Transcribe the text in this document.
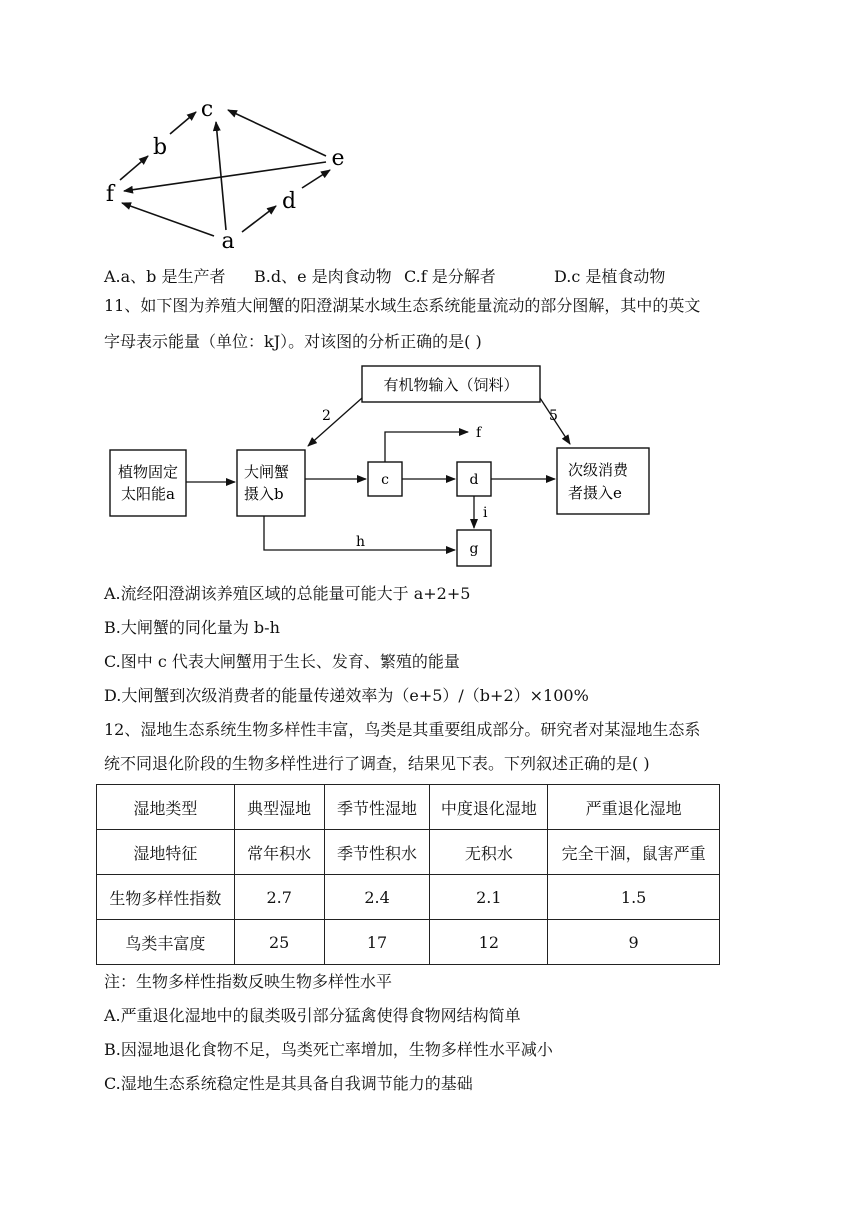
c
b	e
f	d
a
A.a、b 是生产者 B.d、e 是肉食动物 C.f 是分解者	D.c 是植食动物
11、如下图为养殖大闸蟹的阳澄湖某水域生态系统能量流动的部分图解，其中的英文
字母表示能量（单位：kJ）。对该图的分析正确的是( )
有机物输入（饲料）
植物固定
太阳能a
大闸蟹
摄入b
c	d
g
次级消费
者摄入e
2	5
f
i
h
A.流经阳澄湖该养殖区域的总能量可能大于 a+2+5
B.大闸蟹的同化量为 b-h
C.图中 c 代表大闸蟹用于生长、发育、繁殖的能量
D.大闸蟹到次级消费者的能量传递效率为（e+5）/（b+2）×100%
12、湿地生态系统生物多样性丰富，鸟类是其重要组成部分。研究者对某湿地生态系
统不同退化阶段的生物多样性进行了调查，结果见下表。下列叙述正确的是( )
湿地类型	典型湿地	季节性湿地	中度退化湿地	严重退化湿地
湿地特征	常年积水	季节性积水	无积水	完全干涸，鼠害严重
生物多样性指数	2.7	2.4	2.1	1.5
鸟类丰富度	25	17	12	9
注：生物多样性指数反映生物多样性水平
A.严重退化湿地中的鼠类吸引部分猛禽使得食物网结构简单
B.因湿地退化食物不足，鸟类死亡率增加，生物多样性水平减小
C.湿地生态系统稳定性是其具备自我调节能力的基础
